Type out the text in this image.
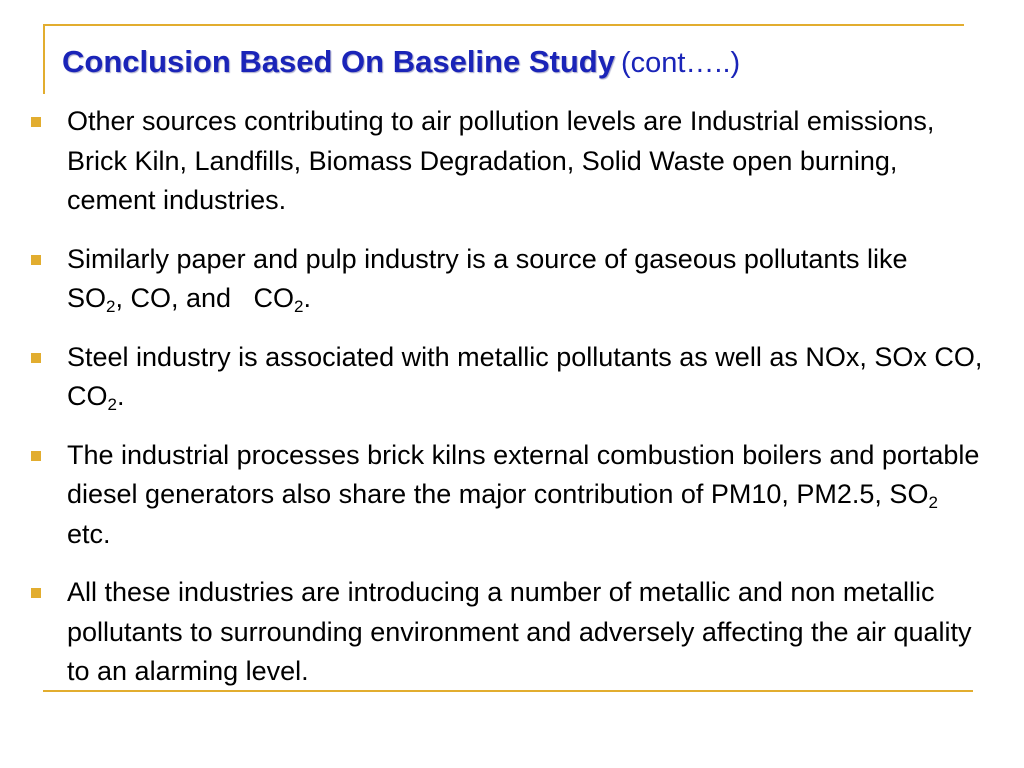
Conclusion Based On Baseline Study (cont…..)
Other sources contributing to air pollution levels are Industrial emissions, Brick Kiln, Landfills, Biomass Degradation, Solid Waste open burning, cement industries.
Similarly paper and pulp industry is a source of gaseous pollutants like $SO_2$, CO, and   $CO_2$.
Steel industry is associated with metallic pollutants as well as NOx, SOx CO, $CO_2$.
The industrial processes brick kilns external combustion boilers and portable diesel generators also share the major contribution of PM10, PM2.5, $SO_2$ etc.
All these industries are introducing a number of metallic and non metallic pollutants to surrounding environment and adversely affecting the air quality to an alarming level.
